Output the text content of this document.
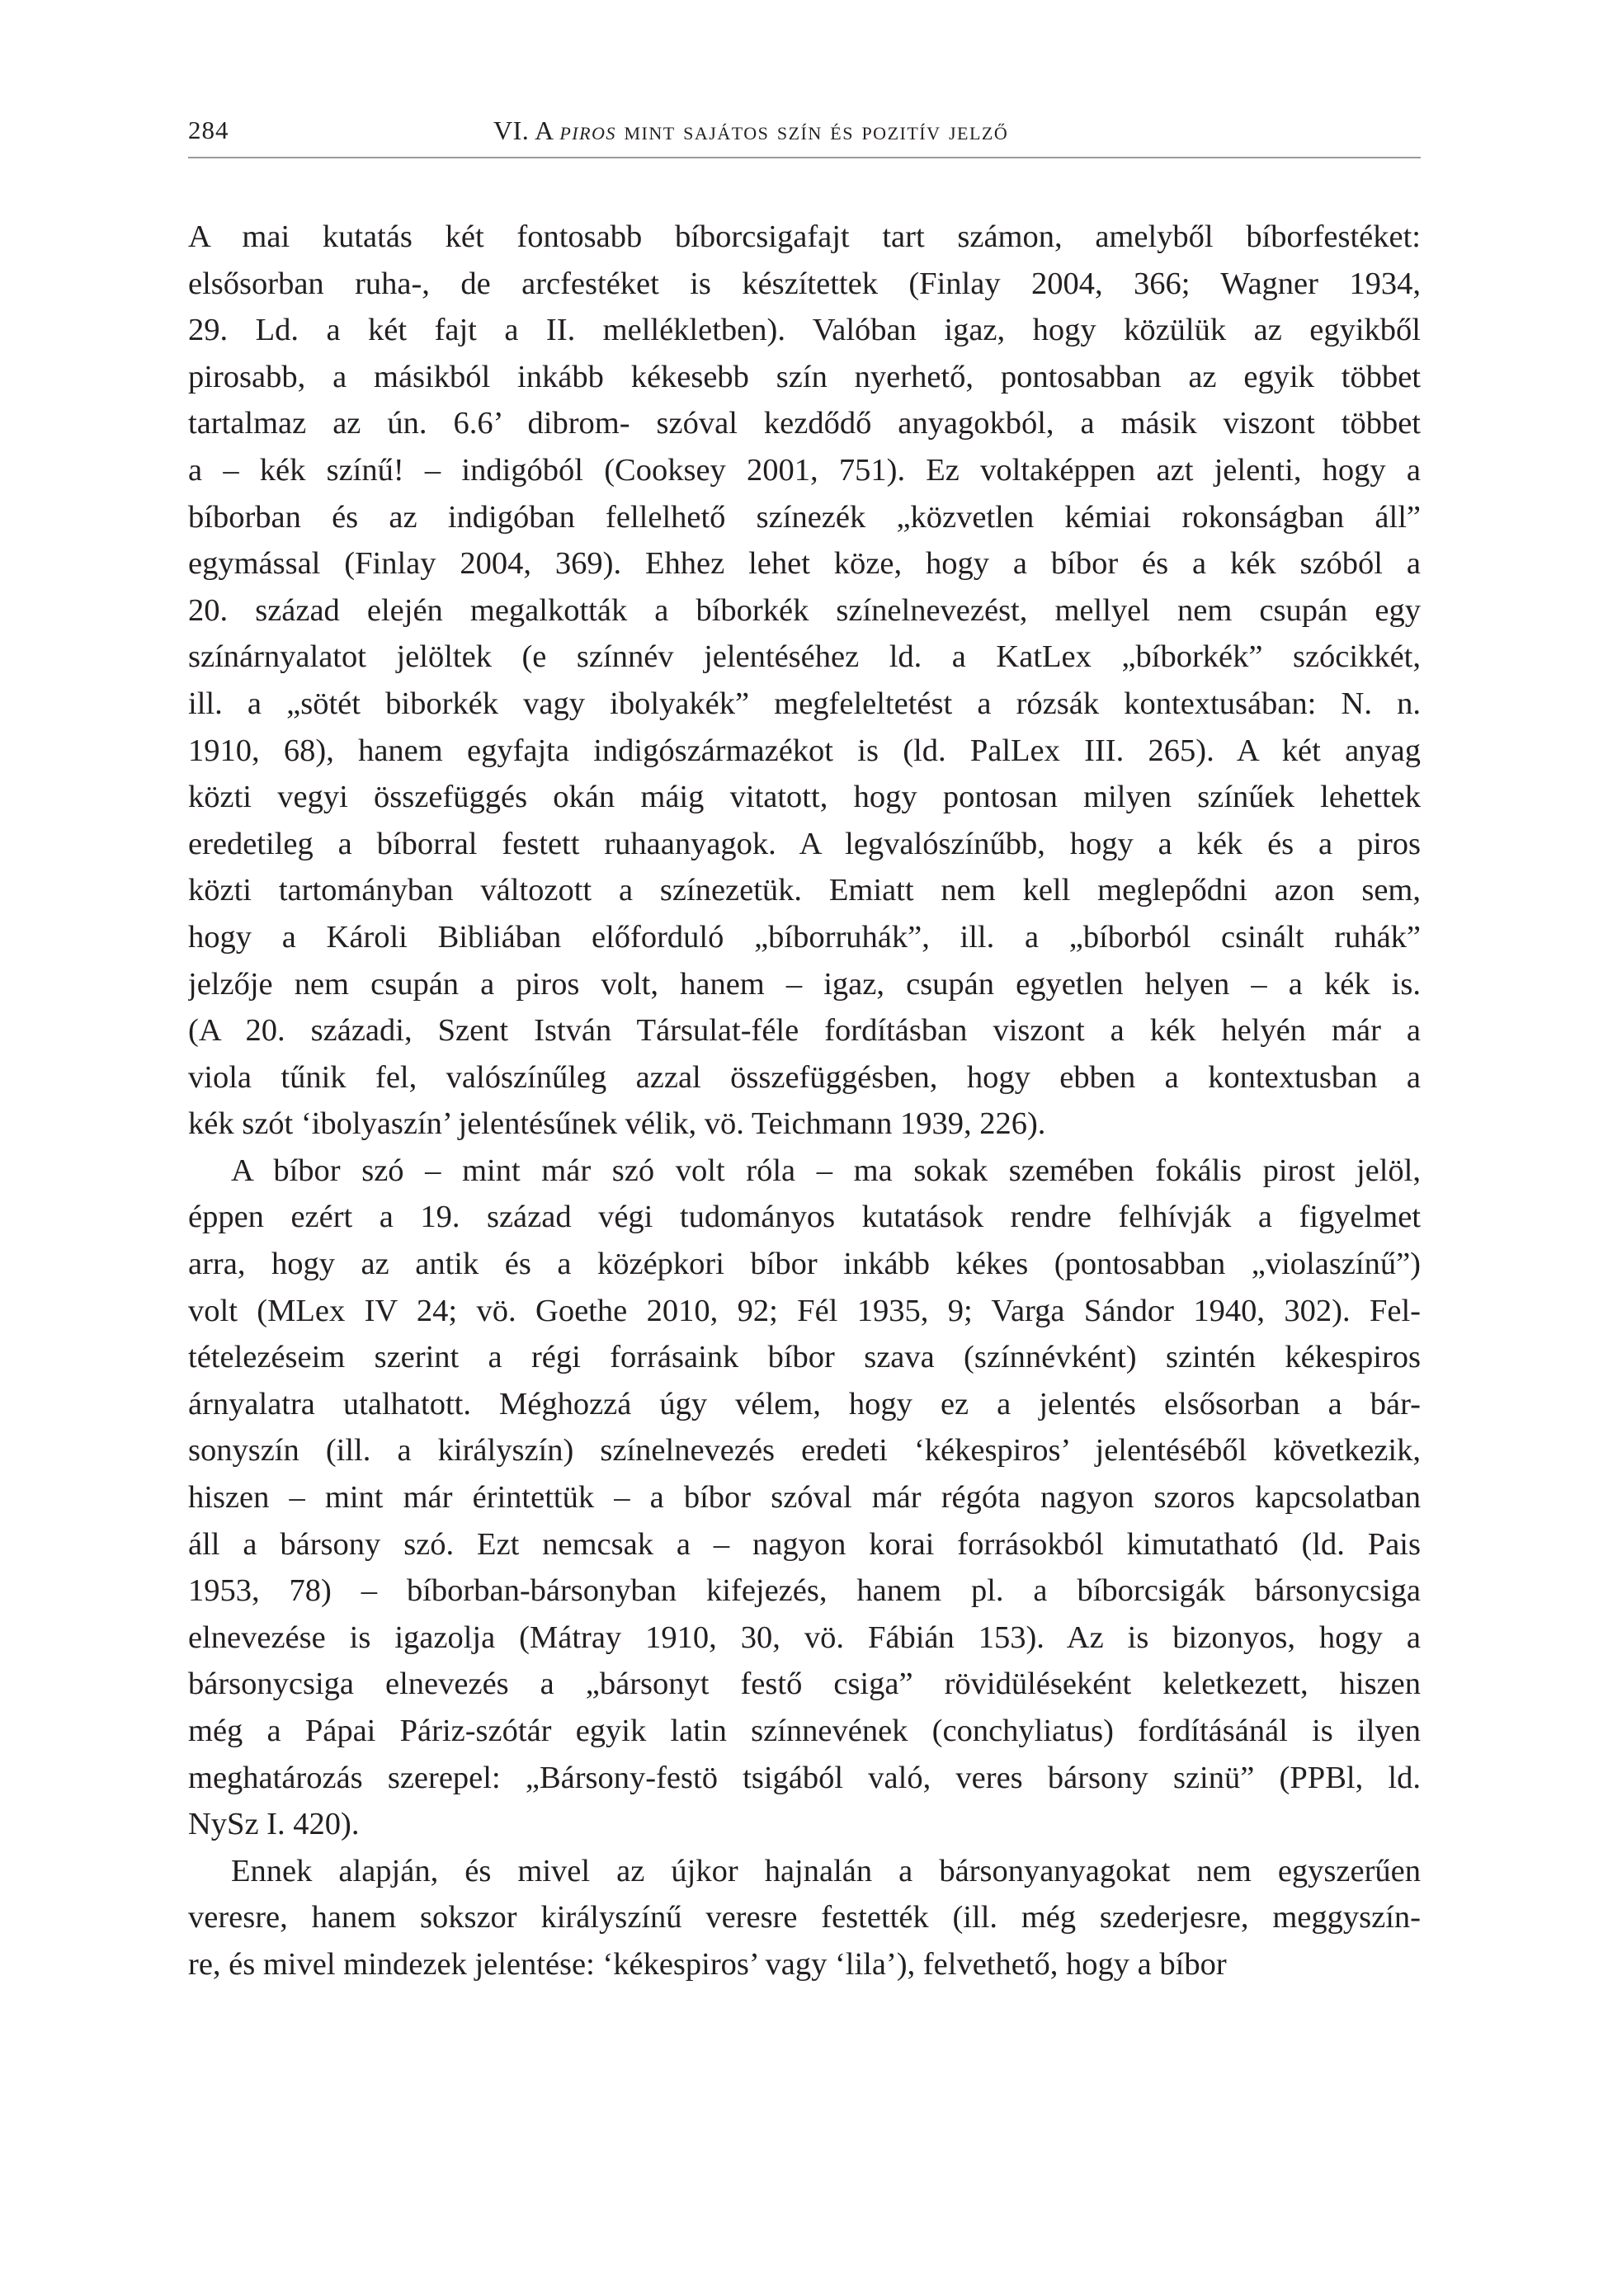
284	VI. A piros mint sajátos szín és pozitív jelző
A mai kutatás két fontosabb bíborcsigafajt tart számon, amelyből bíborfestéket:
elsősorban ruha-, de arcfestéket is készítettek (Finlay 2004, 366; Wagner 1934,
29. Ld. a két fajt a II. mellékletben). Valóban igaz, hogy közülük az egyikből
pirosabb, a másikból inkább kékesebb szín nyerhető, pontosabban az egyik többet
tartalmaz az ún. 6.6’ dibrom- szóval kezdődő anyagokból, a másik viszont többet
a – kék színű! – indigóból (Cooksey 2001, 751). Ez voltaképpen azt jelenti, hogy a
bíborban és az indigóban fellelhető színezék „közvetlen kémiai rokonságban áll”
egymással (Finlay 2004, 369). Ehhez lehet köze, hogy a bíbor és a kék szóból a
20. század elején megalkották a bíborkék színelnevezést, mellyel nem csupán egy
színárnyalatot jelöltek (e színnév jelentéséhez ld. a KatLex „bíborkék” szócikkét,
ill. a „sötét biborkék vagy ibolyakék” megfeleltetést a rózsák kontextusában: N. n.
1910, 68), hanem egyfajta indigószármazékot is (ld. PalLex III. 265). A két anyag
közti vegyi összefüggés okán máig vitatott, hogy pontosan milyen színűek lehettek
eredetileg a bíborral festett ruhaanyagok. A legvalószínűbb, hogy a kék és a piros
közti tartományban változott a színezetük. Emiatt nem kell meglepődni azon sem,
hogy a Károli Bibliában előforduló „bíborruhák”, ill. a „bíborból csinált ruhák”
jelzője nem csupán a piros volt, hanem – igaz, csupán egyetlen helyen – a kék is.
(A 20. századi, Szent István Társulat-féle fordításban viszont a kék helyén már a
viola tűnik fel, valószínűleg azzal összefüggésben, hogy ebben a kontextusban a
kék szót ‘ibolyaszín’ jelentésűnek vélik, vö. Teichmann 1939, 226).
A bíbor szó – mint már szó volt róla – ma sokak szemében fokális pirost jelöl,
éppen ezért a 19. század végi tudományos kutatások rendre felhívják a figyelmet
arra, hogy az antik és a középkori bíbor inkább kékes (pontosabban „violaszínű”)
volt (MLex IV 24; vö. Goethe 2010, 92; Fél 1935, 9; Varga Sándor 1940, 302). Fel-
tételezéseim szerint a régi forrásaink bíbor szava (színnévként) szintén kékespiros
árnyalatra utalhatott. Méghozzá úgy vélem, hogy ez a jelentés elsősorban a bár-
sonyszín (ill. a királyszín) színelnevezés eredeti ‘kékespiros’ jelentéséből következik,
hiszen – mint már érintettük – a bíbor szóval már régóta nagyon szoros kapcsolatban
áll a bársony szó. Ezt nemcsak a – nagyon korai forrásokból kimutatható (ld. Pais
1953, 78) – bíborban-bársonyban kifejezés, hanem pl. a bíborcsigák bársonycsiga
elnevezése is igazolja (Mátray 1910, 30, vö. Fábián 153). Az is bizonyos, hogy a
bársonycsiga elnevezés a „bársonyt festő csiga” rövidüléseként keletkezett, hiszen
még a Pápai Páriz-szótár egyik latin színnevének (conchyliatus) fordításánál is ilyen
meghatározás szerepel: „Bársony-festö tsigából való, veres bársony szinü” (PPBl, ld.
NySz I. 420).
Ennek alapján, és mivel az újkor hajnalán a bársonyanyagokat nem egyszerűen
veresre, hanem sokszor királyszínű veresre festették (ill. még szederjesre, meggyszín-
re, és mivel mindezek jelentése: ‘kékespiros’ vagy ‘lila’), felvethető, hogy a bíbor
